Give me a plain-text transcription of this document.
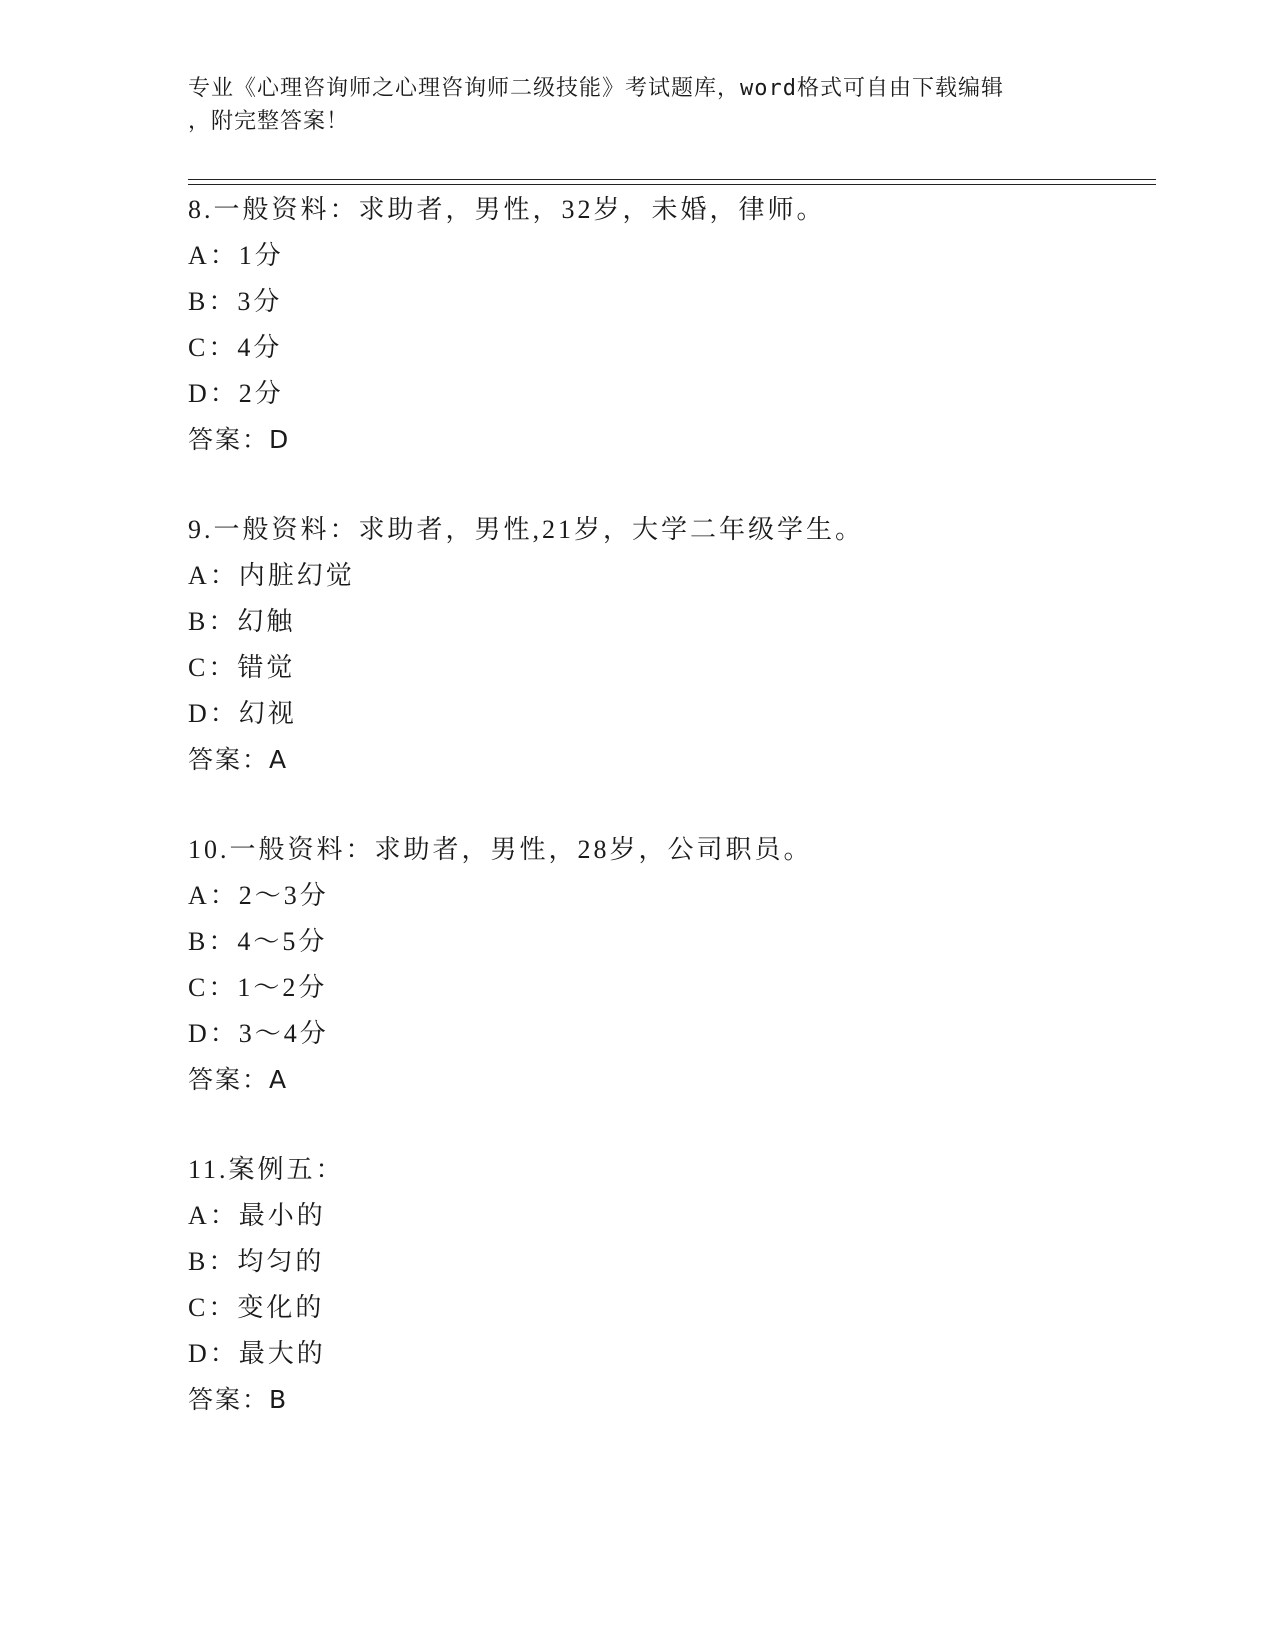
专业《心理咨询师之心理咨询师二级技能》考试题库，word格式可自由下载编辑
，附完整答案！
8.一般资料：求助者，男性，32岁，未婚，律师。
A：1分
B：3分
C：4分
D：2分
答案：D
9.一般资料：求助者，男性,21岁，大学二年级学生。
A：内脏幻觉
B：幻触
C：错觉
D：幻视
答案：A
10.一般资料：求助者，男性，28岁，公司职员。
A：2～3分
B：4～5分
C：1～2分
D：3～4分
答案：A
11.案例五：
A：最小的
B：均匀的
C：变化的
D：最大的
答案：B
